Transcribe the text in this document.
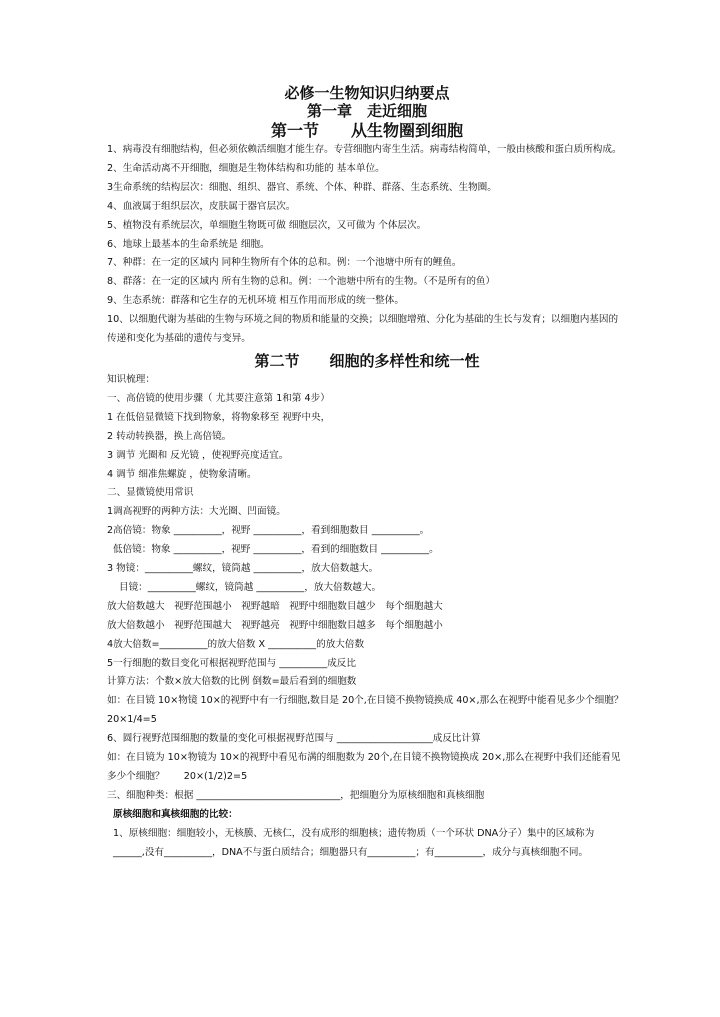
必修一生物知识归纳要点

第一章　走近细胞

第一节　　从生物圈到细胞

1、病毒没有细胞结构，但必须依赖活细胞才能生存。专营细胞内寄生生活。病毒结构简单，一般由核酸和蛋白质所构成。

2、生命活动离不开细胞，细胞是生物体结构和功能的 基本单位。

3生命系统的结构层次：细胞、组织、器官、系统、个体、种群、群落、生态系统、生物圈。

4、血液属于组织层次，皮肤属于器官层次。

5、植物没有系统层次，单细胞生物既可做 细胞层次，又可做为 个体层次。

6、地球上最基本的生命系统是 细胞。

7、种群：在一定的区域内 同种生物所有个体的总和。例：一个池塘中所有的鲤鱼。

8、群落：在一定的区域内 所有生物的总和。例：一个池塘中所有的生物。（不是所有的鱼）

9、生态系统：群落和它生存的无机环境 相互作用而形成的统一整体。

10、以细胞代谢为基础的生物与环境之间的物质和能量的交换；以细胞增殖、分化为基础的生长与发育；以细胞内基因的传递和变化为基础的遗传与变异。

第二节　　细胞的多样性和统一性

知识梳理：

一、高倍镜的使用步骤（ 尤其要注意第 1和第 4步）

1 在低倍显微镜下找到物象，将物象移至 视野中央，

2 转动转换器，换上高倍镜。

3 调节 光圈和 反光镜 ，使视野亮度适宜。

4 调节 细准焦螺旋 ，使物象清晰。

二、显微镜使用常识

1调高视野的两种方法：大光圈、凹面镜。

2高倍镜：物象 __________，视野 __________，看到细胞数目 __________。

低倍镜：物象 __________，视野 __________，看到的细胞数目 __________。

3 物镜：__________螺纹，镜筒越 __________，放大倍数越大。

目镜：__________螺纹，镜筒越 __________，放大倍数越大。

放大倍数越大　视野范围越小　视野越暗　视野中细胞数目越少　每个细胞越大

放大倍数越小　视野范围越大　视野越亮　视野中细胞数目越多　每个细胞越小

4放大倍数=__________的放大倍数 X __________的放大倍数

5一行细胞的数目变化可根据视野范围与 __________成反比

计算方法：个数×放大倍数的比例 倒数=最后看到的细胞数

如：在目镜 10×物镜 10×的视野中有一行细胞,数目是 20个,在目镜不换物镜换成 40×,那么在视野中能看见多少个细胞？　　20×1/4=5

6、圆行视野范围细胞的数量的变化可根据视野范围与 ____________________成反比计算

如：在目镜为 10×物镜为 10×的视野中看见布满的细胞数为 20个,在目镜不换物镜换成 20×,那么在视野中我们还能看见多少个细胞？　　20×(1/2)2=5

三、细胞种类：根据 ______________________________，把细胞分为原核细胞和真核细胞

原核细胞和真核细胞的比较：

1、原核细胞：细胞较小，无核膜、无核仁，没有成形的细胞核；遗传物质（一个环状 DNA分子）集中的区域称为 ______,没有__________，DNA不与蛋白质结合；细胞器只有__________；有__________，成分与真核细胞不同。
